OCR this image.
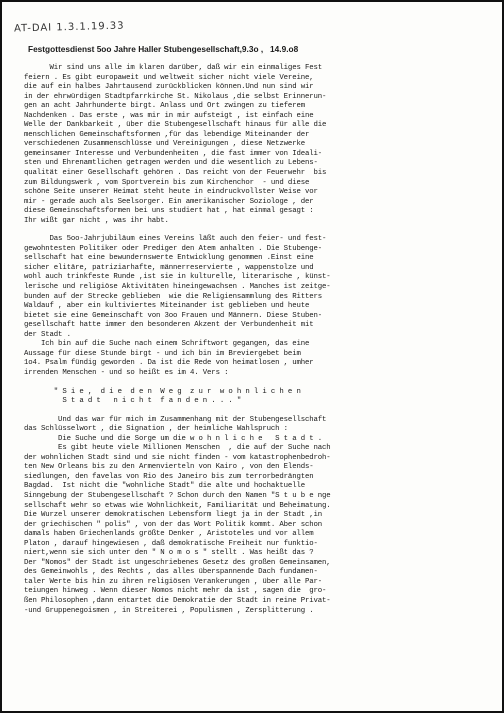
AT-DAI 1.3.1.19.33
Festgottesdienst 5oo Jahre Haller Stubengesellschaft,9.3o ,   14.9.o8
Wir sind uns alle im klaren darüber, daß wir ein einmaliges Fest
feiern . Es gibt europaweit und weltweit sicher nicht viele Vereine,
die auf ein halbes Jahrtausend zurückblicken können.Und nun sind wir
in der ehrwürdigen Stadtpfarrkirche St. Nikolaus ,die selbst Erinnerun-
gen an acht Jahrhunderte birgt. Anlass und Ort zwingen zu tieferem
Nachdenken . Das erste , was mir in mir aufsteigt , ist einfach eine
Welle der Dankbarkeit , über die Stubengesellschaft hinaus für alle die
menschlichen Gemeinschaftsformen ,für das lebendige Miteinander der
verschiedenen Zusammenschlüsse und Vereinigungen , diese Netzwerke
gemeinsamer Interesse und Verbundenheiten , die fast immer von Ideali-
sten und Ehrenamtlichen getragen werden und die wesentlich zu Lebens-
qualität einer Gesellschaft gehören . Das reicht von der Feuerwehr  bis
zum Bildungswerk , vom Sportverein bis zum Kirchenchor  - und diese
schöne Seite unserer Heimat steht heute in eindruckvollster Weise vor
mir - gerade auch als Seelsorger. Ein amerikanischer Soziologe , der
diese Gemeinschaftsformen bei uns studiert hat , hat einmal gesagt :
Ihr wißt gar nicht , was ihr habt.
Das 5oo-Jahrjubiläum eines Vereins läßt auch den feier- und fest-
gewohntesten Politiker oder Prediger den Atem anhalten . Die Stubenge-
sellschaft hat eine bewundernswerte Entwicklung genommen .Einst eine
sicher elitäre, patriziarhafte, männerreservierte , wappenstolze und
wohl auch trinkfeste Runde ,ist sie in kulturelle, literarische , künst-
lerische und religiöse Aktivitäten hineingewachsen . Manches ist zeitge-
bunden auf der Strecke geblieben  wie die Religiensammlung des Ritters
Waldauf , aber ein kultiviertes Miteinander ist geblieben und heute
bietet sie eine Gemeinschaft von 3oo Frauen und Männern. Diese Stuben-
gesellschaft hatte immer den besonderen Akzent der Verbundenheit mit
der Stadt .
Ich bin auf die Suche nach einem Schriftwort gegangen, das eine
Aussage für diese Stunde birgt - und ich bin im Breviergebet beim
1o4. Psalm fündig geworden . Da ist die Rede von heimatlosen , umher
irrenden Menschen - und so heißt es im 4. Vers :
" S i e ,  d i e  d e n  W e g  z u r  w o h n l i c h e n
S t a d t   n i c h t  f a n d e n . . . "
Und das war für mich im Zusammenhang mit der Stubengesellschaft
das Schlüsselwort , die Signation , der heimliche Wahlspruch :
Die Suche und die Sorge um die w o h n l i c h e   S t a d t .
Es gibt heute viele Millionen Menschen  , die auf der Suche nach
der wohnlichen Stadt sind und sie nicht finden - vom katastrophenbedroh-
ten New Orleans bis zu den Armenvierteln von Kairo , von den Elends-
siedlungen, den favelas von Rio des Janeiro bis zum terrorbedrängten
Bagdad.  Ist nicht die "wohnliche Stadt" die alte und hochaktuelle
Sinngebung der Stubengesellschaft ? Schon durch den Namen "S t u b e nge
sellschaft wehr so etwas wie Wohnlichkeit, Familiarität und Beheimatung.
Die Wurzel unserer demokratischen Lebensform liegt ja in der Stadt ,in
der griechischen " polis" , von der das Wort Politik kommt. Aber schon
damals haben Griechenlands größte Denker , Aristoteles und vor allem
Platon , darauf hingewiesen , daß demokratische Freiheit nur funktio-
niert,wenn sie sich unter den " N o m o s " stellt . Was heißt das ?
Der "Nomos" der Stadt ist ungeschriebenes Gesetz des großen Gemeinsamen,
des Gemeinwohls , des Rechts , das alles überspannende Dach fundamen-
taler Werte bis hin zu ihren religiösen Verankerungen , über alle Par-
teiungen hinweg . Wenn dieser Nomos nicht mehr da ist , sagen die  gro-
ßen Philosophen ,dann entartet die Demokratie der Stadt in reine Privat-
-und Gruppenegoismen , in Streiterei , Populismen , Zersplitterung .
